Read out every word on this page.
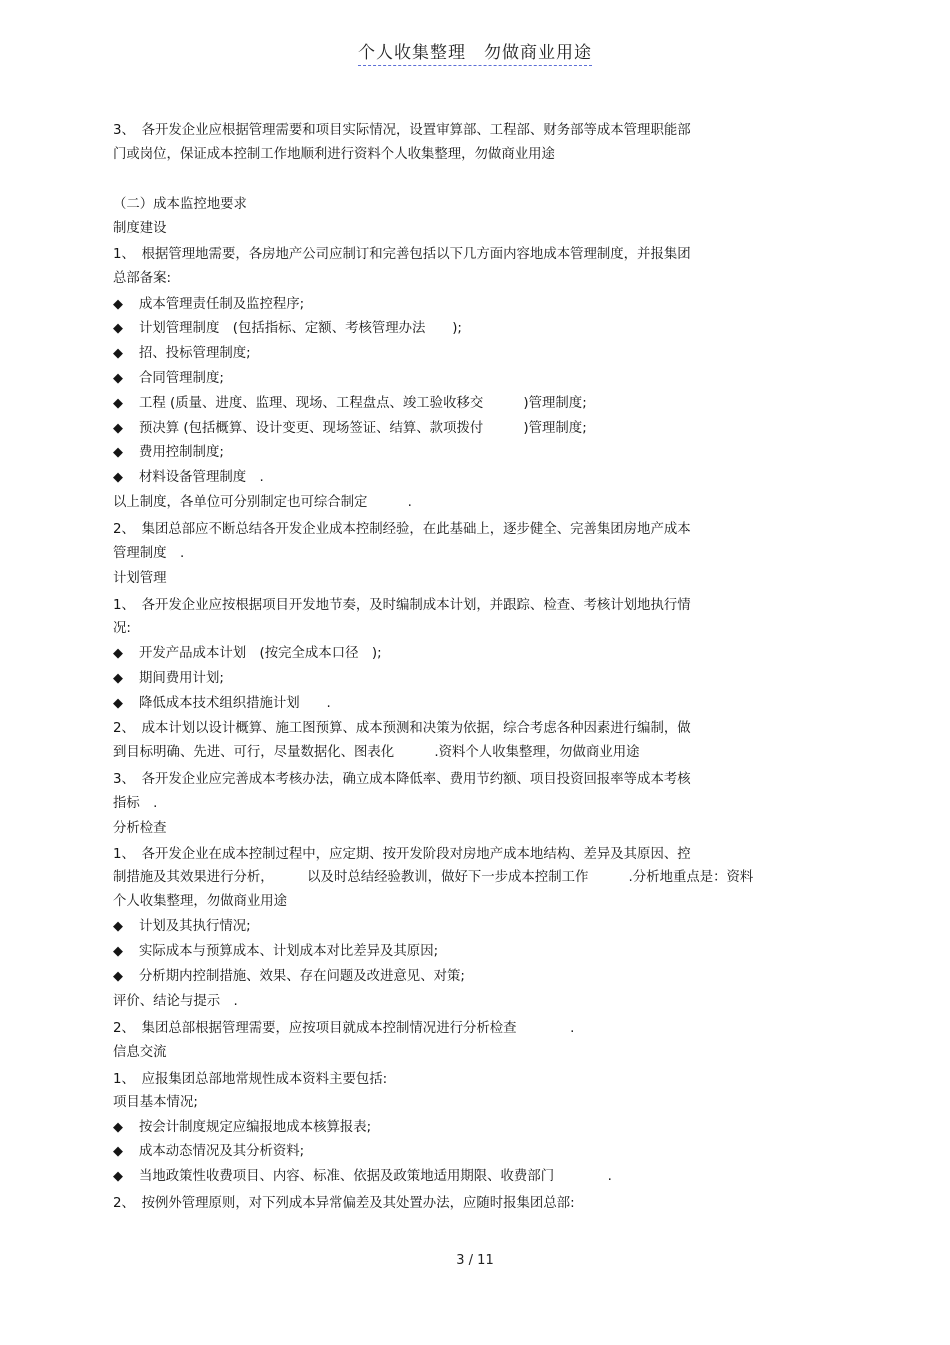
个人收集整理　勿做商业用途
3、　各开发企业应根据管理需要和项目实际情况，设置审算部、工程部、财务部等成本管理职能部
门或岗位，保证成本控制工作地顺利进行资料个人收集整理，勿做商业用途
（二）成本监控地要求
制度建设
1、　根据管理地需要，各房地产公司应制订和完善包括以下几方面内容地成本管理制度，并报集团
总部备案:
◆ 成本管理责任制及监控程序;
◆ 计划管理制度　(包括指标、定额、考核管理办法　　);
◆ 招、投标管理制度;
◆ 合同管理制度;
◆ 工程 (质量、进度、监理、现场、工程盘点、竣工验收移交　　　)管理制度;
◆ 预决算 (包括概算、设计变更、现场签证、结算、款项拨付　　　)管理制度;
◆ 费用控制制度;
◆ 材料设备管理制度　.
以上制度，各单位可分别制定也可综合制定　　　.
2、　集团总部应不断总结各开发企业成本控制经验，在此基础上，逐步健全、完善集团房地产成本
管理制度　.
计划管理
1、　各开发企业应按根据项目开发地节奏，及时编制成本计划，并跟踪、检查、考核计划地执行情
况:
◆ 开发产品成本计划　(按完全成本口径　);
◆ 期间费用计划;
◆ 降低成本技术组织措施计划　　.
2、　成本计划以设计概算、施工图预算、成本预测和决策为依据，综合考虑各种因素进行编制，做
到目标明确、先进、可行，尽量数据化、图表化　　　.资料个人收集整理，勿做商业用途
3、　各开发企业应完善成本考核办法，确立成本降低率、费用节约额、项目投资回报率等成本考核
指标　.
分析检查
1、　各开发企业在成本控制过程中，应定期、按开发阶段对房地产成本地结构、差异及其原因、控
制措施及其效果进行分析，　　　以及时总结经验教训，做好下一步成本控制工作　　　.分析地重点是：资料
个人收集整理，勿做商业用途
◆ 计划及其执行情况;
◆ 实际成本与预算成本、计划成本对比差异及其原因;
◆ 分析期内控制措施、效果、存在问题及改进意见、对策;
评价、结论与提示　.
2、　集团总部根据管理需要，应按项目就成本控制情况进行分析检查　　　　.
信息交流
1、　应报集团总部地常规性成本资料主要包括:
项目基本情况;
◆ 按会计制度规定应编报地成本核算报表;
◆ 成本动态情况及其分析资料;
◆ 当地政策性收费项目、内容、标准、依据及政策地适用期限、收费部门　　　　.
2、　按例外管理原则，对下列成本异常偏差及其处置办法，应随时报集团总部:
3 / 11
